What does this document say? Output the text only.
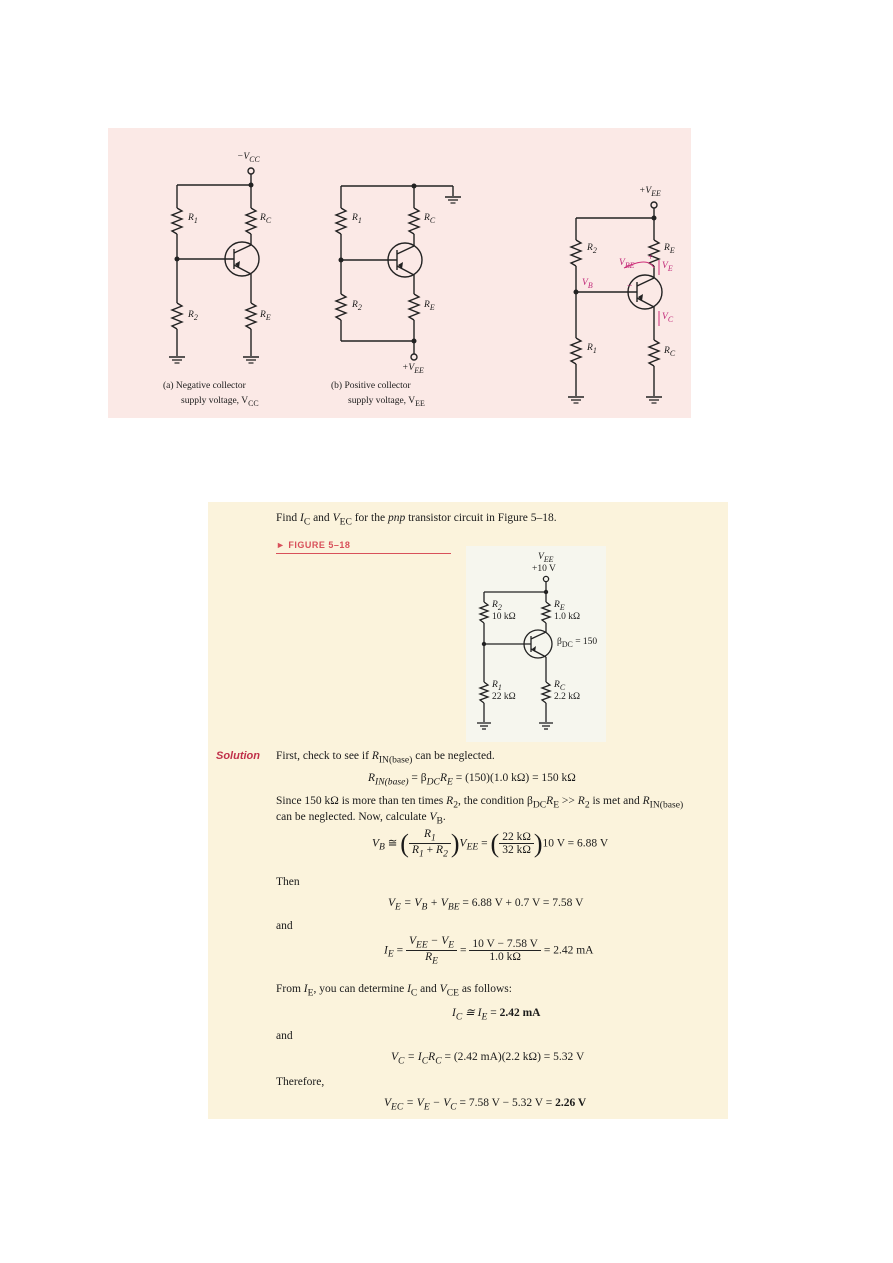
$-V_{CC}$
$R_1$	$R_C$
$R_2$	$R_E$
(a) Negative collector
supply voltage, $V_{CC}$
$R_1$	$R_C$
$R_2$	$R_E$
$+V_{EE}$
(b) Positive collector
supply voltage, $V_{EE}$
$+V_{EE}$
$R_2$	$R_E$
$V_B$
$V_{BE}$
+
−
$V_E$
$V_C$
$R_1$	$R_C$
Find $I_C$ and $V_{EC}$ for the pnp transistor circuit in Figure 5–18.
► FIGURE 5–18
$V_{EE}$
+10 V
$R_2$
10 kΩ
$R_E$
1.0 kΩ
$\beta_{DC} = 150$
$R_1$
22 kΩ
$R_C$
2.2 kΩ
Solution First, check to see if $R_{IN(base)}$ can be neglected.
$R_{IN(base)} = \beta_{DC}R_E = (150)(1.0$ kΩ) = 150 kΩ
Since 150 kΩ is more than ten times $R_2$, the condition $\beta_{DC}R_E >> R_2$ is met and $R_{IN(base)}$
can be neglected. Now, calculate $V_B$.
$V_B$ ≅ ( $\frac{R_1}{R_1 + R_2} )V_{EE}$ = ( $\frac{22 k\Omega}{32 k\Omega} )10$ V = 6.88 V
Then
$V_E = V_B + V_{BE} = 6.88$ V + 0.7 V = 7.58 V
and
$I_E = \frac{V_{EE} - V_E}{R_E} = \frac{10 V - 7.58 V}{1.0 k\Omega} = 2.42$ mA
From $I_E$, you can determine $I_C$ and $V_{CE}$ as follows:
$I_C$ ≅ $I_E = 2.42$ mA
and
$V_C = I_CR_C = (2.42$ mA)(2.2 kΩ) = 5.32 V
Therefore,
$V_{EC} = V_E - V_C = 7.58$ V − 5.32 V = 2.26 V
